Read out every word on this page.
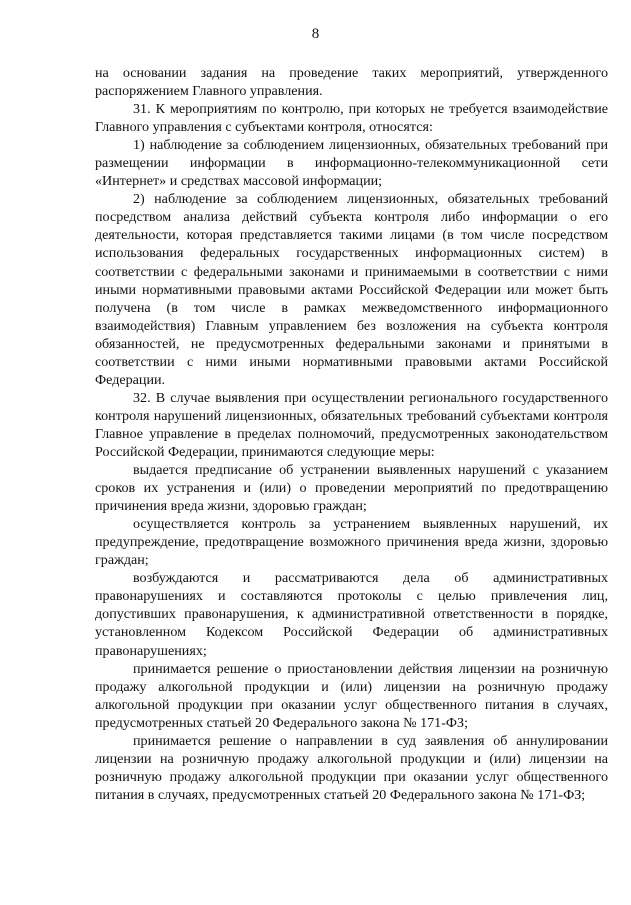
8

на основании задания на проведение таких мероприятий, утвержденного распоряжением Главного управления.

31. К мероприятиям по контролю, при которых не требуется взаимодействие Главного управления с субъектами контроля, относятся:

1) наблюдение за соблюдением лицензионных, обязательных требований при размещении информации в информационно-телекоммуникационной сети «Интернет» и средствах массовой информации;

2) наблюдение за соблюдением лицензионных, обязательных требований посредством анализа действий субъекта контроля либо информации о его деятельности, которая представляется такими лицами (в том числе посредством использования федеральных государственных информационных систем) в соответствии с федеральными законами и принимаемыми в соответствии с ними иными нормативными правовыми актами Российской Федерации или может быть получена (в том числе в рамках межведомственного информационного взаимодействия) Главным управлением без возложения на субъекта контроля обязанностей, не предусмотренных федеральными законами и принятыми в соответствии с ними иными нормативными правовыми актами Российской Федерации.

32. В случае выявления при осуществлении регионального государственного контроля нарушений лицензионных, обязательных требований субъектами контроля Главное управление в пределах полномочий, предусмотренных законодательством Российской Федерации, принимаются следующие меры:

выдается предписание об устранении выявленных нарушений с указанием сроков их устранения и (или) о проведении мероприятий по предотвращению причинения вреда жизни, здоровью граждан;

осуществляется контроль за устранением выявленных нарушений, их предупреждение, предотвращение возможного причинения вреда жизни, здоровью граждан;

возбуждаются и рассматриваются дела об административных правонарушениях и составляются протоколы с целью привлечения лиц, допустивших правонарушения, к административной ответственности в порядке, установленном Кодексом Российской Федерации об административных правонарушениях;

принимается решение о приостановлении действия лицензии на розничную продажу алкогольной продукции и (или) лицензии на розничную продажу алкогольной продукции при оказании услуг общественного питания в случаях, предусмотренных статьей 20 Федерального закона № 171-ФЗ;

принимается решение о направлении в суд заявления об аннулировании лицензии на розничную продажу алкогольной продукции и (или) лицензии на розничную продажу алкогольной продукции при оказании услуг общественного питания в случаях, предусмотренных статьей 20 Федерального закона № 171-ФЗ;
